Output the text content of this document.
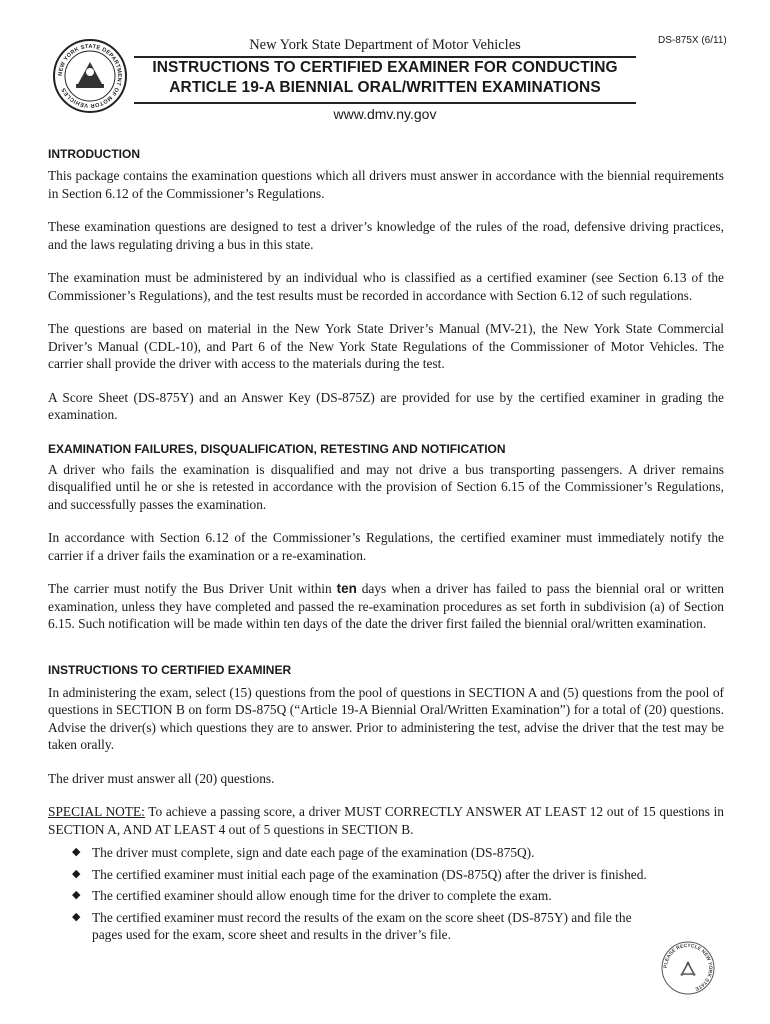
NEW YORK STATE DEPARTMENT OF MOTOR VEHICLES
DS-875X (6/11)
New York State Department of Motor Vehicles
INSTRUCTIONS TO CERTIFIED EXAMINER FOR CONDUCTING
ARTICLE 19-A BIENNIAL ORAL/WRITTEN EXAMINATIONS
www.dmv.ny.gov
INTRODUCTION

This package contains the examination questions which all drivers must answer in accordance with the biennial requirements in Section 6.12 of the Commissioner’s Regulations.

These examination questions are designed to test a driver’s knowledge of the rules of the road, defensive driving practices, and the laws regulating driving a bus in this state.

The examination must be administered by an individual who is classified as a certified examiner (see Section 6.13 of the Commissioner’s Regulations), and the test results must be recorded in accordance with Section 6.12 of such regulations.

The questions are based on material in the New York State Driver’s Manual (MV-21), the New York State Commercial Driver’s Manual (CDL-10), and Part 6 of the New York State Regulations of the Commissioner of Motor Vehicles. The carrier shall provide the driver with access to the materials during the test.

A Score Sheet (DS-875Y) and an Answer Key (DS-875Z) are provided for use by the certified examiner in grading the examination.

EXAMINATION FAILURES, DISQUALIFICATION, RETESTING AND NOTIFICATION

A driver who fails the examination is disqualified and may not drive a bus transporting passengers. A driver remains disqualified until he or she is retested in accordance with the provision of Section 6.15 of the Commissioner’s Regulations, and successfully passes the examination.

In accordance with Section 6.12 of the Commissioner’s Regulations, the certified examiner must immediately notify the carrier if a driver fails the examination or a re-examination.

The carrier must notify the Bus Driver Unit within ten days when a driver has failed to pass the biennial oral or written examination, unless they have completed and passed the re-examination procedures as set forth in subdivision (a) of Section 6.15. Such notification will be made within ten days of the date the driver first failed the biennial oral/written examination.

INSTRUCTIONS TO CERTIFIED EXAMINER

In administering the exam, select (15) questions from the pool of questions in SECTION A and (5) questions from the pool of questions in SECTION B on form DS-875Q (“Article 19-A Biennial Oral/Written Examination”) for a total of (20) questions. Advise the driver(s) which questions they are to answer. Prior to administering the test, advise the driver that the test may be taken orally.

The driver must answer all (20) questions.

SPECIAL NOTE: To achieve a passing score, a driver MUST CORRECTLY ANSWER AT LEAST 12 out of 15 questions in SECTION A, AND AT LEAST 4 out of 5 questions in SECTION B.

◆ The driver must complete, sign and date each page of the examination (DS-875Q).
◆ The certified examiner must initial each page of the examination (DS-875Q) after the driver is finished.
◆ The certified examiner should allow enough time for the driver to complete the exam.
◆ The certified examiner must record the results of the exam on the score sheet (DS-875Y) and file the pages used for the exam, score sheet and results in the driver’s file.
PLEASE RECYCLE NEW YORK STATE
